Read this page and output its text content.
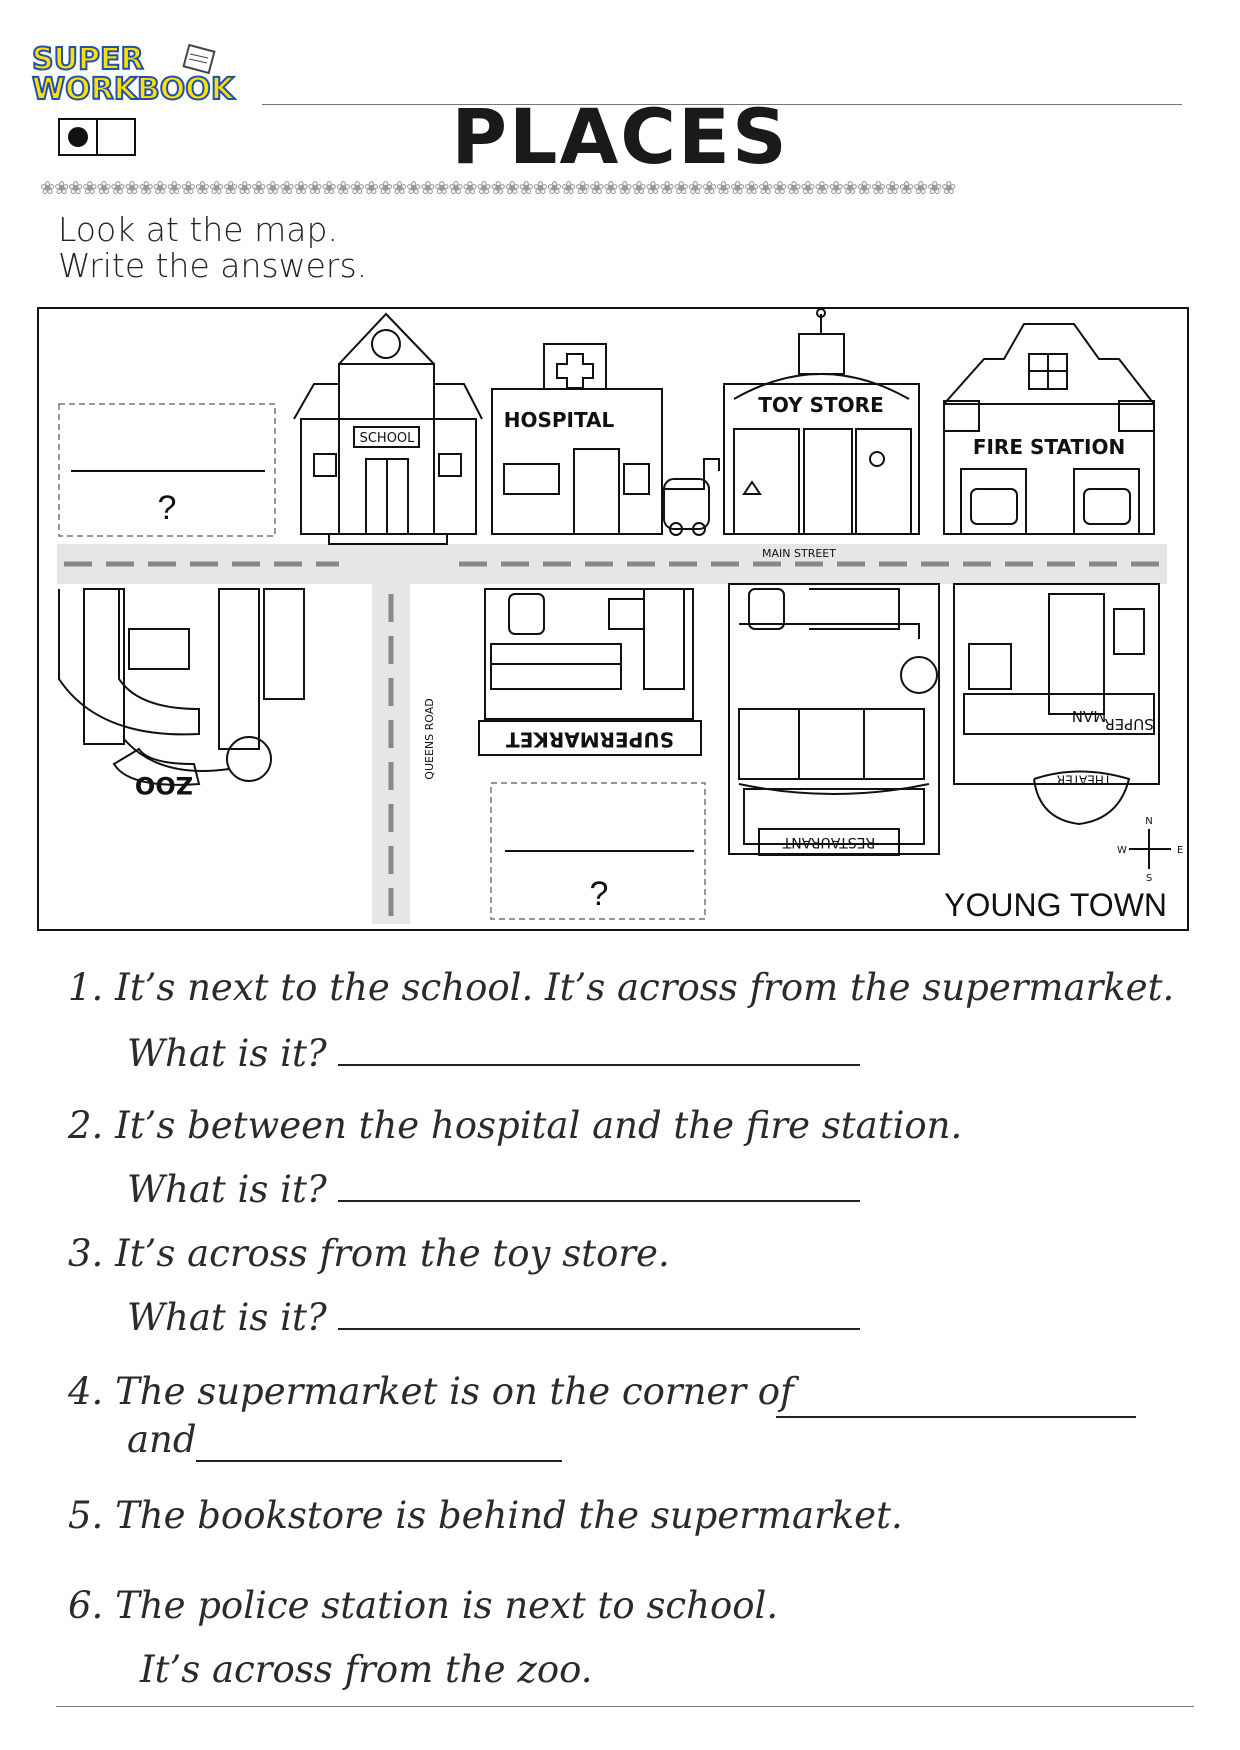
SUPER
WORKBOOK
PLACES
❀❀❀❀❀❀❀❀❀❀❀❀❀❀❀❀❀❀❀❀❀❀❀❀❀❀❀❀❀❀❀❀❀❀❀❀❀❀❀❀❀❀❀❀❀❀❀❀❀❀❀❀❀❀❀❀❀❀❀❀❀❀❀❀❀
Look at the map.
Write the answers.
SCHOOL
HOSPITAL
TOY STORE
FIRE STATION
MAIN STREET
QUEENS ROAD	SUPERMARKET
RESTAURANT
THEATER
SUPER
MAN
ZOO
?
?
N
S
E
W
YOUNG TOWN
1. It’s next to the school. It’s across from the supermarket.
What is it?
2. It’s between the hospital and the fire station.
What is it?
3. It’s across from the toy store.
What is it?
4. The supermarket is on the corner of
and
5. The bookstore is behind the supermarket.
6. The police station is next to school.
It’s across from the zoo.
